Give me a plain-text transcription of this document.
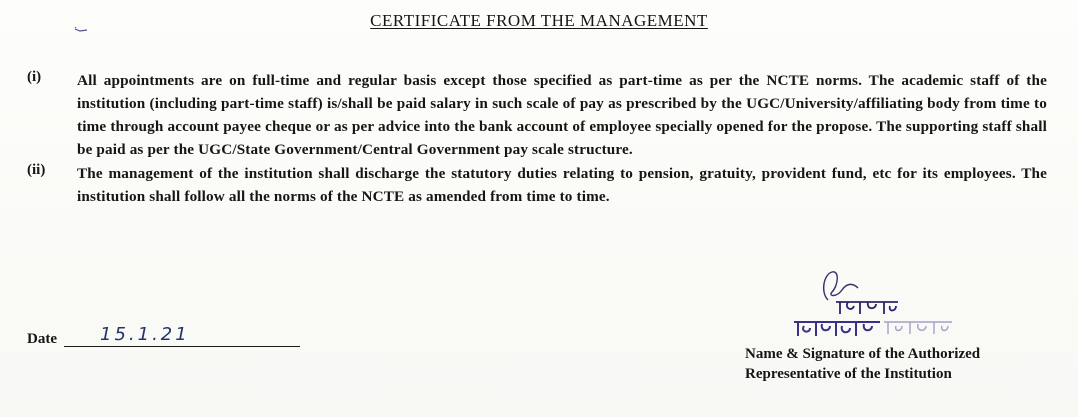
CERTIFICATE FROM THE MANAGEMENT
(i) All appointments are on full-time and regular basis except those specified as part-time as per the NCTE norms. The academic staff of the institution (including part-time staff) is/shall be paid salary in such scale of pay as prescribed by the UGC/University/affiliating body from time to time through account payee cheque or as per advice into the bank account of employee specially opened for the propose. The supporting staff shall be paid as per the UGC/State Government/Central Government pay scale structure.

(ii) The management of the institution shall discharge the statutory duties relating to pension, gratuity, provident fund, etc for its employees. The institution shall follow all the norms of the NCTE as amended from time to time.

Date 15.1.21
Name & Signature of the Authorized
Representative of the Institution
